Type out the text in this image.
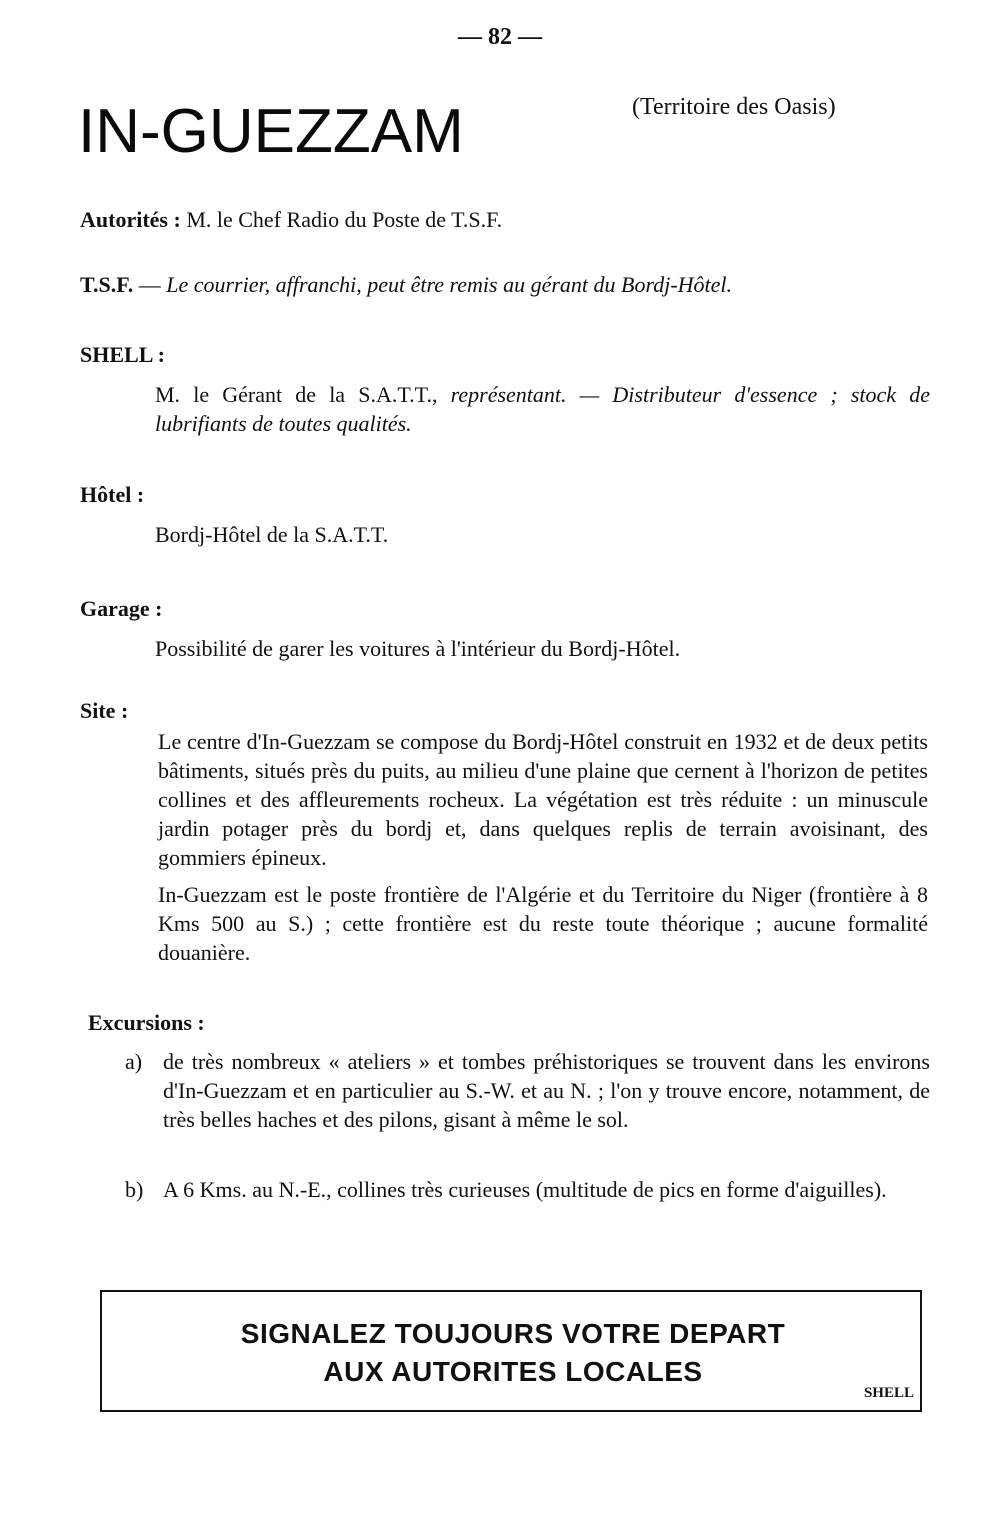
— 82 —
IN-GUEZZAM	(Territoire des Oasis)
Autorités : M. le Chef Radio du Poste de T.S.F.
T.S.F. — Le courrier, affranchi, peut être remis au gérant du Bordj-Hôtel.
SHELL :
M. le Gérant de la S.A.T.T., représentant. — Distributeur d'essence ; stock de lubrifiants de toutes qualités.
Hôtel :
Bordj-Hôtel de la S.A.T.T.
Garage :
Possibilité de garer les voitures à l'intérieur du Bordj-Hôtel.
Site :

Le centre d'In-Guezzam se compose du Bordj-Hôtel construit en 1932 et de deux petits bâtiments, situés près du puits, au milieu d'une plaine que cernent à l'horizon de petites collines et des affleurements rocheux. La végétation est très réduite : un minuscule jardin potager près du bordj et, dans quelques replis de terrain avoisinant, des gommiers épineux.

In-Guezzam est le poste frontière de l'Algérie et du Territoire du Niger (frontière à 8 Kms 500 au S.) ; cette frontière est du reste toute théorique ; aucune formalité douanière.

Excursions :
a) de très nombreux « ateliers » et tombes préhistoriques se trouvent dans les environs d'In-Guezzam et en particulier au S.-W. et au N. ; l'on y trouve encore, notamment, de très belles haches et des pilons, gisant à même le sol.
b) A 6 Kms. au N.-E., collines très curieuses (multitude de pics en forme d'aiguilles).
SIGNALEZ TOUJOURS VOTRE DEPART
AUX AUTORITES LOCALES
SHELL
